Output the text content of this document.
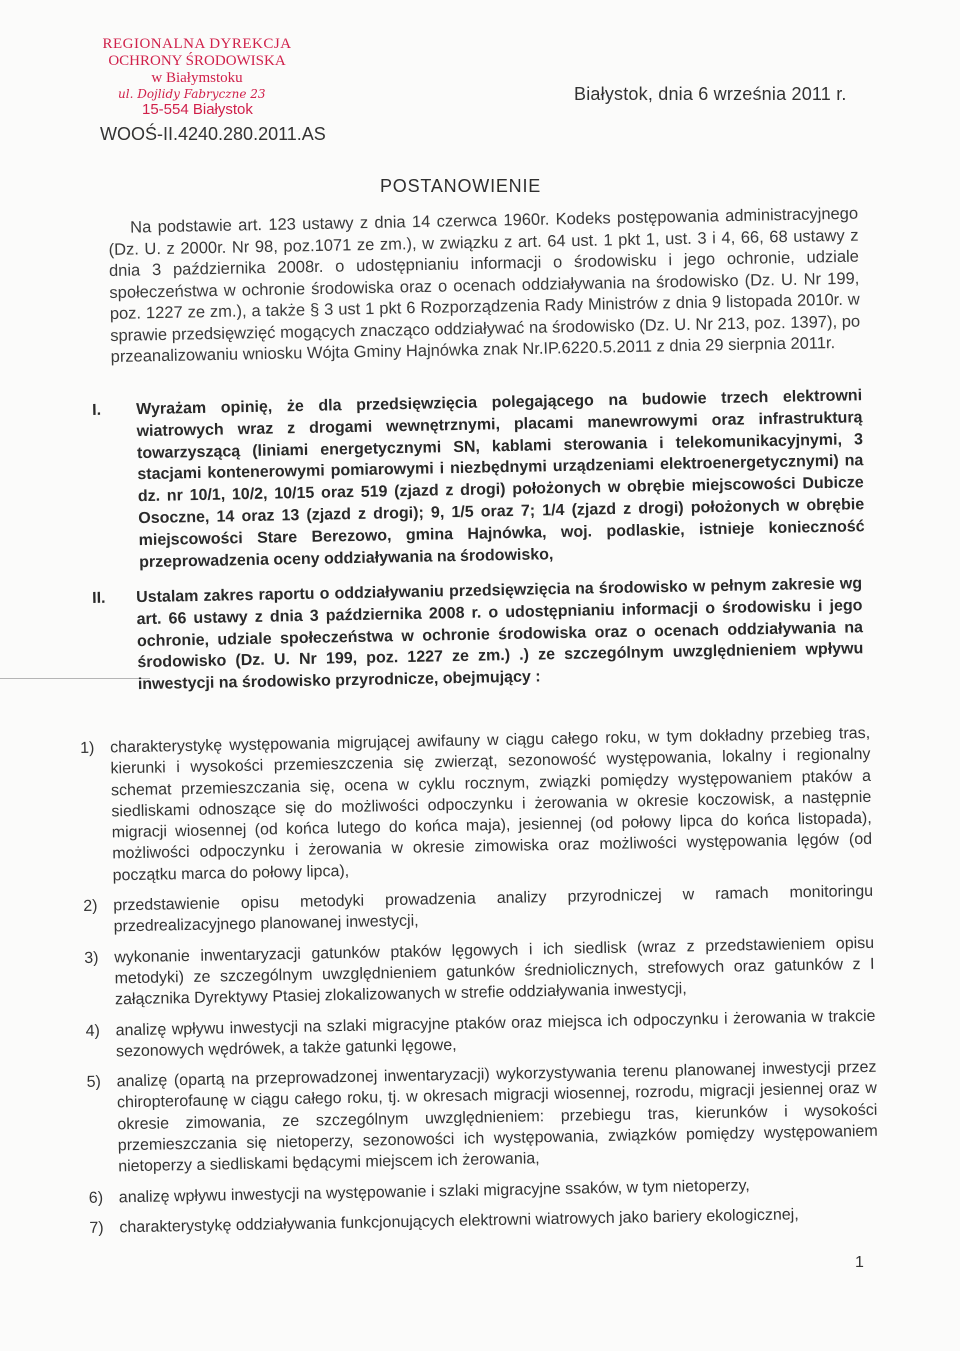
REGIONALNA DYREKCJA
OCHRONY ŚRODOWISKA
w Białymstoku
ul. Dojlidy Fabryczne 23
15-554 Białystok
Białystok, dnia 6 września 2011 r.
WOOŚ-II.4240.280.2011.AS
POSTANOWIENIE
Na podstawie art. 123 ustawy z dnia 14 czerwca 1960r. Kodeks postępowania administracyjnego (Dz. U. z 2000r. Nr 98, poz.1071 ze zm.), w związku z art. 64 ust. 1 pkt 1, ust. 3 i 4, 66, 68 ustawy z dnia 3 października 2008r. o udostępnianiu informacji o środowisku i jego ochronie, udziale społeczeństwa w ochronie środowiska oraz o ocenach oddziaływania na środowisko (Dz. U. Nr 199, poz. 1227 ze zm.), a także § 3 ust 1 pkt 6 Rozporządzenia Rady Ministrów z dnia 9 listopada 2010r. w sprawie przedsięwzięć mogących znacząco oddziaływać na środowisko (Dz. U. Nr 213, poz. 1397), po przeanalizowaniu wniosku Wójta Gminy Hajnówka znak Nr.IP.6220.5.2011 z dnia 29 sierpnia 2011r.
I. Wyrażam opinię, że dla przedsięwzięcia polegającego na budowie trzech elektrowni wiatrowych wraz z drogami wewnętrznymi, placami manewrowymi oraz infrastrukturą towarzyszącą (liniami energetycznymi SN, kablami sterowania i telekomunikacyjnymi, 3 stacjami kontenerowymi pomiarowymi i niezbędnymi urządzeniami elektroenergetycznymi) na dz. nr 10/1, 10/2, 10/15 oraz 519 (zjazd z drogi) położonych w obrębie miejscowości Dubicze Osoczne, 14 oraz 13 (zjazd z drogi); 9, 1/5 oraz 7; 1/4 (zjazd z drogi) położonych w obrębie miejscowości Stare Berezowo, gmina Hajnówka, woj. podlaskie, istnieje konieczność przeprowadzenia oceny oddziaływania na środowisko,
II. Ustalam zakres raportu o oddziaływaniu przedsięwzięcia na środowisko w pełnym zakresie wg art. 66 ustawy z dnia 3 października 2008 r. o udostępnianiu informacji o środowisku i jego ochronie, udziale społeczeństwa w ochronie środowiska oraz o ocenach oddziaływania na środowisko (Dz. U. Nr 199, poz. 1227 ze zm.) .) ze szczególnym uwzględnieniem wpływu inwestycji na środowisko przyrodnicze, obejmujący :
1) charakterystykę występowania migrującej awifauny w ciągu całego roku, w tym dokładny przebieg tras, kierunki i wysokości przemieszczenia się zwierząt, sezonowość występowania, lokalny i regionalny schemat przemieszczania się, ocena w cyklu rocznym, związki pomiędzy występowaniem ptaków a siedliskami odnoszące się do możliwości odpoczynku i żerowania w okresie koczowisk, a następnie migracji wiosennej (od końca lutego do końca maja), jesiennej (od połowy lipca do końca listopada), możliwości odpoczynku i żerowania w okresie zimowiska oraz możliwości występowania lęgów (od początku marca do połowy lipca),
2) przedstawienie opisu metodyki prowadzenia analizy przyrodniczej w ramach monitoringu przedrealizacyjnego planowanej inwestycji,
3) wykonanie inwentaryzacji gatunków ptaków lęgowych i ich siedlisk (wraz z przedstawieniem opisu metodyki) ze szczególnym uwzględnieniem gatunków średnioliсznych, strefowych oraz gatunków z I załącznika Dyrektywy Ptasiej zlokalizowanych w strefie oddziaływania inwestycji,
4) analizę wpływu inwestycji na szlaki migracyjne ptaków oraz miejsca ich odpoczynku i żerowania w trakcie sezonowych wędrówek, a także gatunki lęgowe,
5) analizę (opartą na przeprowadzonej inwentaryzacji) wykorzystywania terenu planowanej inwestycji przez chiropterofaunę w ciągu całego roku, tj. w okresach migracji wiosennej, rozrodu, migracji jesiennej oraz w okresie zimowania, ze szczególnym uwzględnieniem: przebiegu tras, kierunków i wysokości przemieszczania się nietoperzy, sezonowości ich występowania, związków pomiędzy występowaniem nietoperzy a siedliskami będącymi miejscem ich żerowania,
6) analizę wpływu inwestycji na występowanie i szlaki migracyjne ssaków, w tym nietoperzy,
7) charakterystykę oddziaływania funkcjonujących elektrowni wiatrowych jako bariery ekologicznej,
1
